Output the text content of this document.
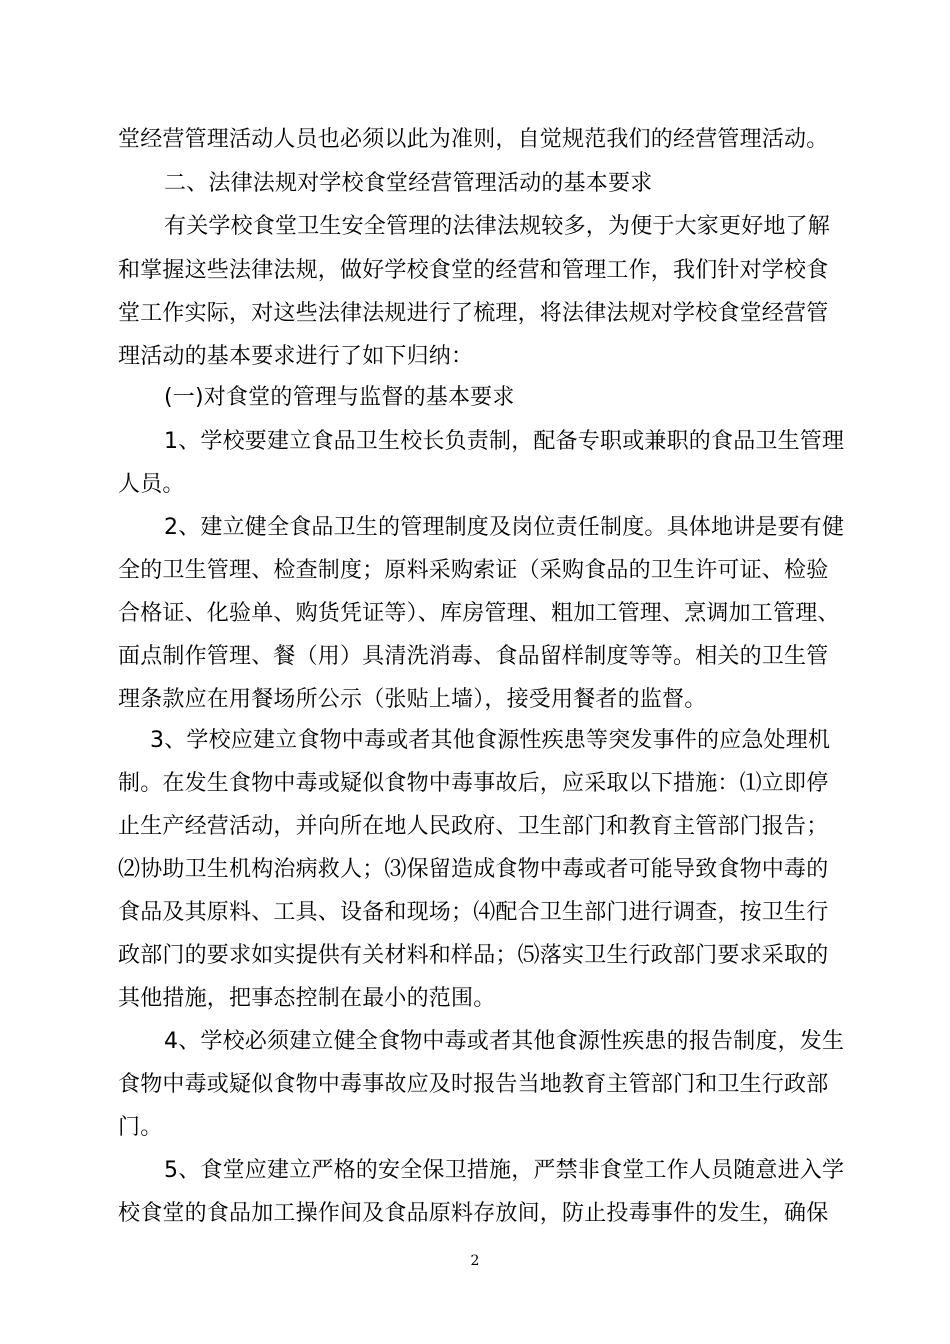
堂经营管理活动人员也必须以此为准则，自觉规范我们的经营管理活动。
二、法律法规对学校食堂经营管理活动的基本要求
有关学校食堂卫生安全管理的法律法规较多，为便于大家更好地了解
和掌握这些法律法规，做好学校食堂的经营和管理工作，我们针对学校食
堂工作实际，对这些法律法规进行了梳理，将法律法规对学校食堂经营管
理活动的基本要求进行了如下归纳：
(一)对食堂的管理与监督的基本要求
1、学校要建立食品卫生校长负责制，配备专职或兼职的食品卫生管理
人员。
2、建立健全食品卫生的管理制度及岗位责任制度。具体地讲是要有健
全的卫生管理、检查制度；原料采购索证（采购食品的卫生许可证、检验
合格证、化验单、购货凭证等）、库房管理、粗加工管理、烹调加工管理、
面点制作管理、餐（用）具清洗消毒、食品留样制度等等。相关的卫生管
理条款应在用餐场所公示（张贴上墙），接受用餐者的监督。
3、学校应建立食物中毒或者其他食源性疾患等突发事件的应急处理机
制。在发生食物中毒或疑似食物中毒事故后，应采取以下措施：⑴立即停
止生产经营活动，并向所在地人民政府、卫生部门和教育主管部门报告；
⑵协助卫生机构治病救人；⑶保留造成食物中毒或者可能导致食物中毒的
食品及其原料、工具、设备和现场；⑷配合卫生部门进行调查，按卫生行
政部门的要求如实提供有关材料和样品；⑸落实卫生行政部门要求采取的
其他措施，把事态控制在最小的范围。
4、学校必须建立健全食物中毒或者其他食源性疾患的报告制度，发生
食物中毒或疑似食物中毒事故应及时报告当地教育主管部门和卫生行政部
门。
5、食堂应建立严格的安全保卫措施，严禁非食堂工作人员随意进入学
校食堂的食品加工操作间及食品原料存放间，防止投毒事件的发生，确保
2
